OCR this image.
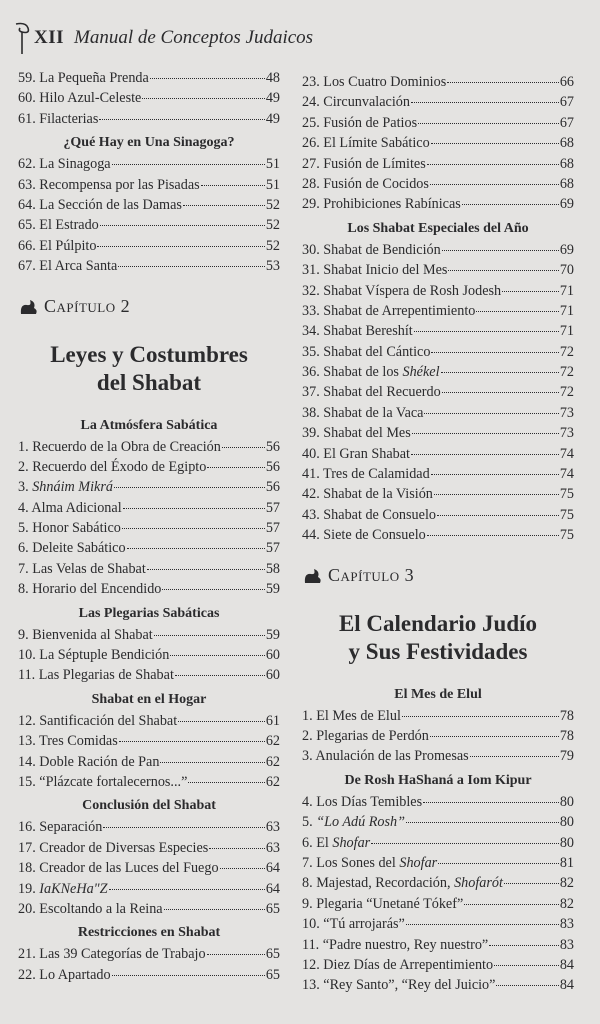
XII Manual de Conceptos Judaicos
59. La Pequeña Prenda	48
60. Hilo Azul-Celeste	49
61. Filacterias	49
¿Qué Hay en Una Sinagoga?
62. La Sinagoga	51
63. Recompensa por las Pisadas	51
64. La Sección de las Damas	52
65. El Estrado	52
66. El Púlpito	52
67. El Arca Santa	53
Capítulo 2
Leyes y Costumbres
del Shabat
La Atmósfera Sabática
1. Recuerdo de la Obra de Creación	56
2. Recuerdo del Éxodo de Egipto	56
3. Shnáim Mikrá	56
4. Alma Adicional	57
5. Honor Sabático	57
6. Deleite Sabático	57
7. Las Velas de Shabat	58
8. Horario del Encendido	59
Las Plegarias Sabáticas
9. Bienvenida al Shabat	59
10. La Séptuple Bendición	60
11. Las Plegarias de Shabat	60
Shabat en el Hogar
12. Santificación del Shabat	61
13. Tres Comidas	62
14. Doble Ración de Pan	62
15. “Plázcate fortalecernos...”	62
Conclusión del Shabat
16. Separación	63
17. Creador de Diversas Especies	63
18. Creador de las Luces del Fuego	64
19. IaKNeHa"Z	64
20. Escoltando a la Reina	65
Restricciones en Shabat
21. Las 39 Categorías de Trabajo	65
22. Lo Apartado	65
23. Los Cuatro Dominios	66
24. Circunvalación	67
25. Fusión de Patios	67
26. El Límite Sabático	68
27. Fusión de Límites	68
28. Fusión de Cocidos	68
29. Prohibiciones Rabínicas	69
Los Shabat Especiales del Año
30. Shabat de Bendición	69
31. Shabat Inicio del Mes	70
32. Shabat Víspera de Rosh Jodesh	71
33. Shabat de Arrepentimiento	71
34. Shabat Bereshít	71
35. Shabat del Cántico	72
36. Shabat de los Shékel	72
37. Shabat del Recuerdo	72
38. Shabat de la Vaca	73
39. Shabat del Mes	73
40. El Gran Shabat	74
41. Tres de Calamidad	74
42. Shabat de la Visión	75
43. Shabat de Consuelo	75
44. Siete de Consuelo	75
Capítulo 3
El Calendario Judío
y Sus Festividades
El Mes de Elul
1. El Mes de Elul	78
2. Plegarias de Perdón	78
3. Anulación de las Promesas	79
De Rosh HaShaná a Iom Kipur
4. Los Días Temibles	80
5. “Lo Adú Rosh”	80
6. El Shofar	80
7. Los Sones del Shofar	81
8. Majestad, Recordación, Shofarót	82
9. Plegaria “Unetané Tókef”	82
10. “Tú arrojarás”	83
11. “Padre nuestro, Rey nuestro”	83
12. Diez Días de Arrepentimiento	84
13. “Rey Santo”, “Rey del Juicio”	84
